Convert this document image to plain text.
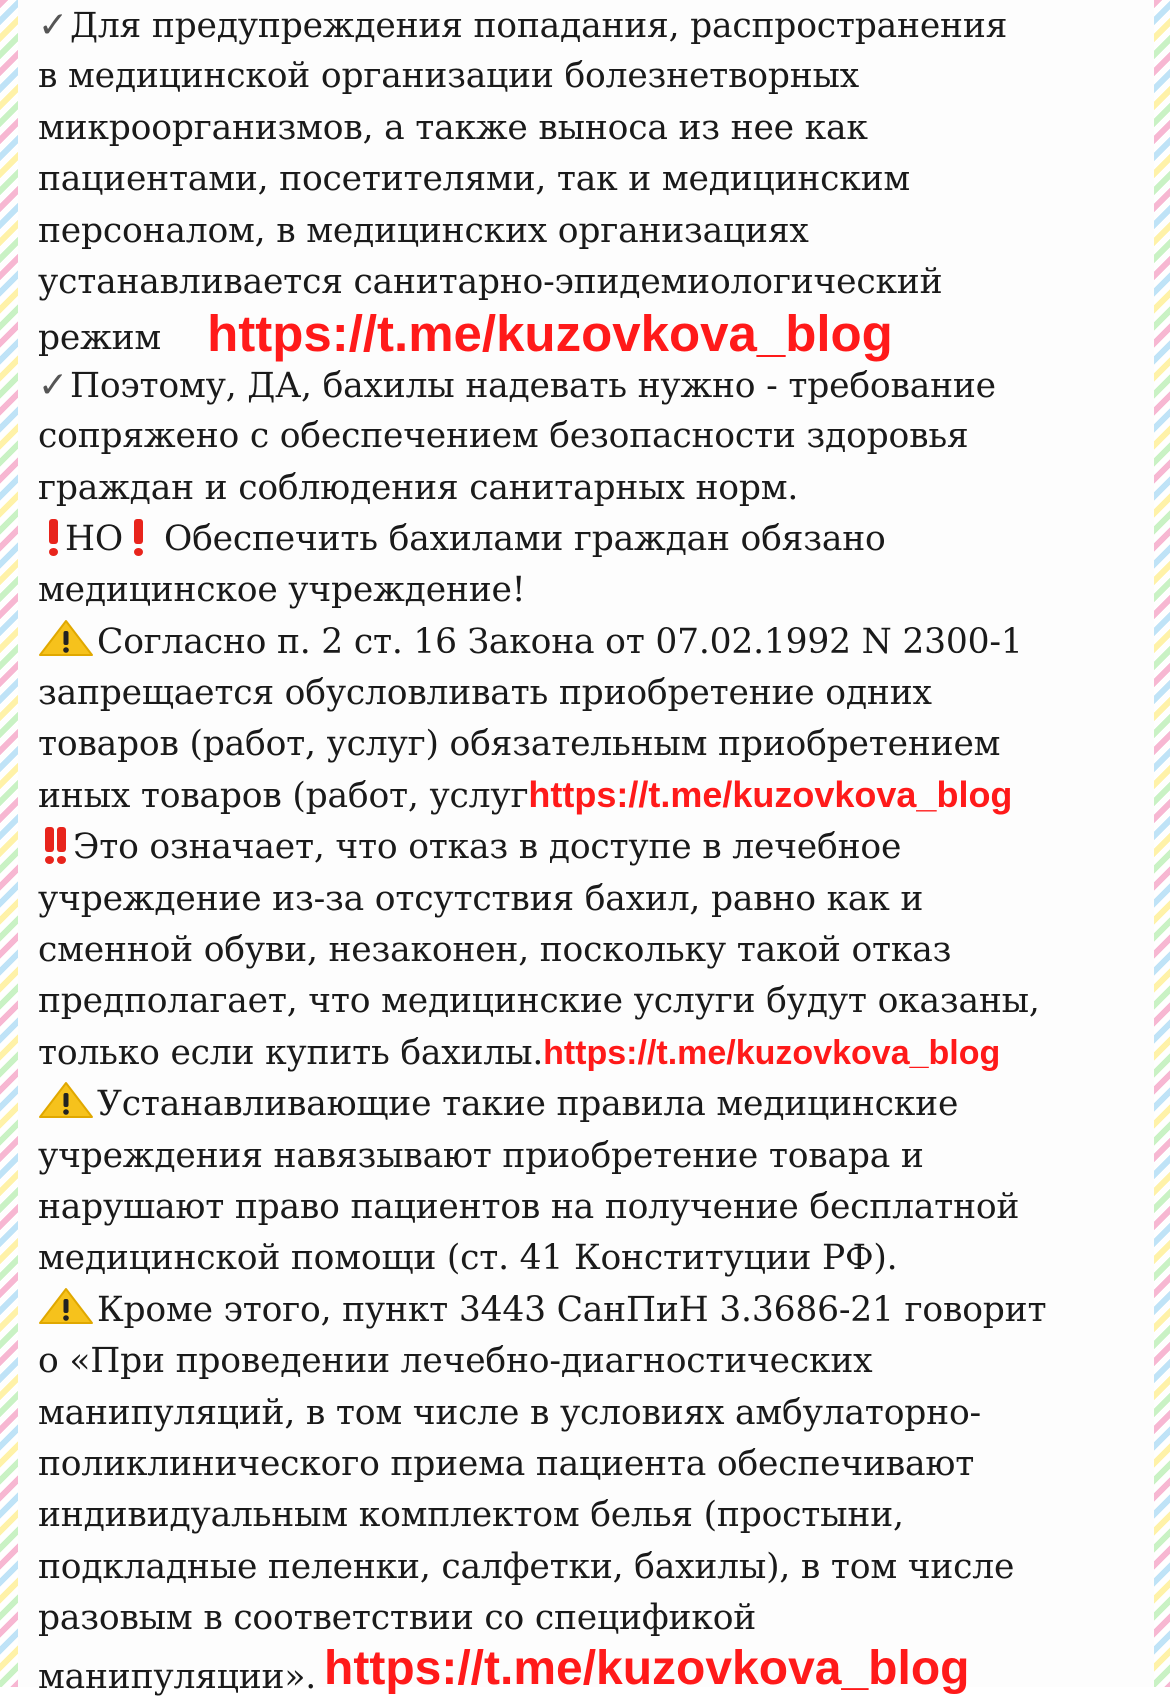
✓Для предупреждения попадания, распространения
в медицинской организации болезнетворных
микроорганизмов, а также выноса из нее как
пациентами, посетителями, так и медицинским
персоналом, в медицинских организациях
устанавливается санитарно-эпидемиологический
режим https://t.me/kuzovkova_blog
✓Поэтому, ДА, бахилы надевать нужно - требование
сопряжено с обеспечением безопасности здоровья
граждан и соблюдения санитарных норм.
НО Обеспечить бахилами граждан обязано
медицинское учреждение!
Согласно п. 2 ст. 16 Закона от 07.02.1992 N 2300-1
запрещается обусловливать приобретение одних
товаров (работ, услуг) обязательным приобретением
иных товаров (работ, услугhttps://t.me/kuzovkova_blog
Это означает, что отказ в доступе в лечебное
учреждение из-за отсутствия бахил, равно как и
сменной обуви, незаконен, поскольку такой отказ
предполагает, что медицинские услуги будут оказаны,
только если купить бахилы.https://t.me/kuzovkova_blog
Устанавливающие такие правила медицинские
учреждения навязывают приобретение товара и
нарушают право пациентов на получение бесплатной
медицинской помощи (ст. 41 Конституции РФ).
Кроме этого, пункт 3443 СанПиН 3.3686-21 говорит
о «При проведении лечебно-диагностических
манипуляций, в том числе в условиях амбулаторно-
поликлинического приема пациента обеспечивают
индивидуальным комплектом белья (простыни,
подкладные пеленки, салфетки, бахилы), в том числе
разовым в соответствии со спецификой
манипуляции». https://t.me/kuzovkova_blog
